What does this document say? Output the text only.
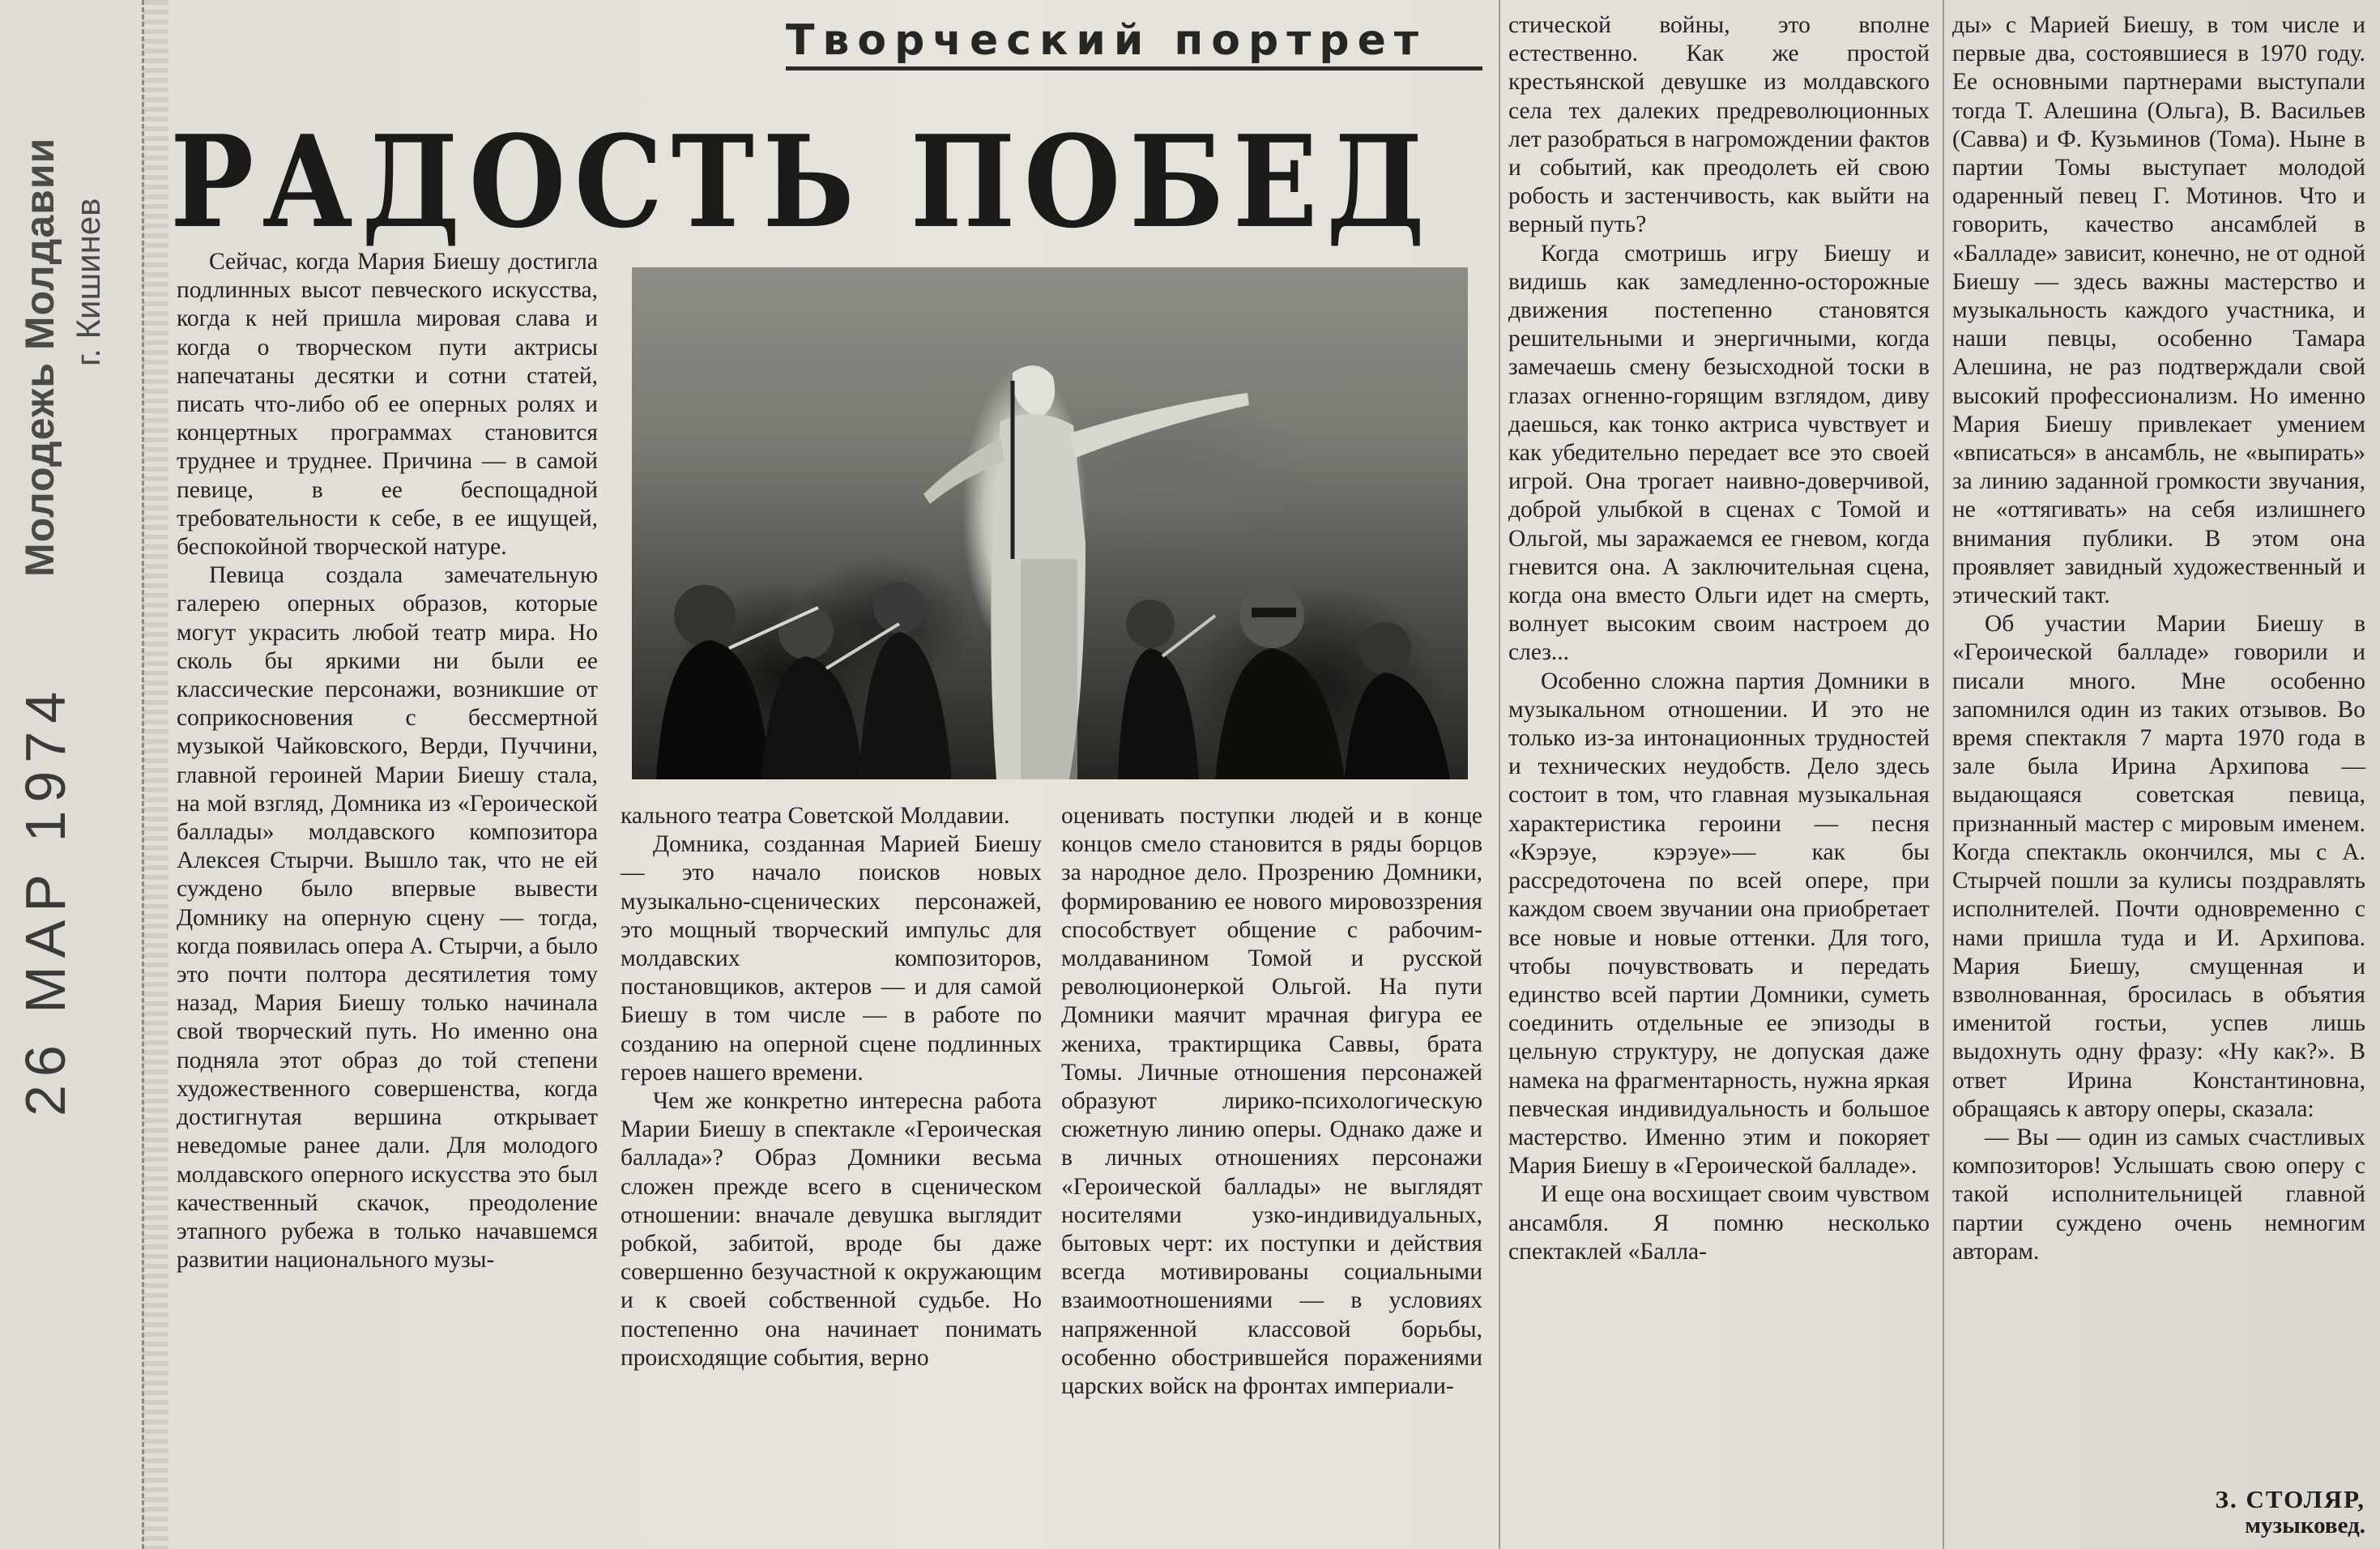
Молодежь Молдавии г. Кишинев
26 МАР 1974
Творческий портрет
РАДОСТЬ ПОБЕД

Сейчас, когда Мария Биешу достигла подлинных высот певческого искусства, когда к ней пришла мировая слава и когда о творческом пути актрисы напечатаны десятки и сотни статей, писать что-либо об ее оперных ролях и концертных программах становится труднее и труднее. Причина — в самой певице, в ее беспощадной требовательности к себе, в ее ищущей, беспокойной творческой натуре.

Певица создала замечательную галерею оперных образов, которые могут украсить любой театр мира. Но сколь бы яркими ни были ее классические персонажи, возникшие от соприкосновения с бессмертной музыкой Чайковского, Верди, Пуччини, главной героиней Марии Биешу стала, на мой взгляд, Домника из «Героической баллады» молдавского композитора Алексея Стырчи. Вышло так, что не ей суждено было впервые вывести Домнику на оперную сцену — тогда, когда появилась опера А. Стырчи, а было это почти полтора десятилетия тому назад, Мария Биешу только начинала свой творческий путь. Но именно она подняла этот образ до той степени художественного совершенства, когда достигнутая вершина открывает неведомые ранее дали. Для молодого молдавского оперного искусства это был качественный скачок, преодоление этапного рубежа в только начавшемся развитии национального музы-

кального театра Советской Молдавии.

Домника, созданная Марией Биешу — это начало поисков новых музыкально-сценических персонажей, это мощный творческий импульс для молдавских композиторов, постановщиков, актеров — и для самой Биешу в том числе — в работе по созданию на оперной сцене подлинных героев нашего времени.

Чем же конкретно интересна работа Марии Биешу в спектакле «Героическая баллада»? Образ Домники весьма сложен прежде всего в сценическом отношении: вначале девушка выглядит робкой, забитой, вроде бы даже совершенно безучастной к окружающим и к своей собственной судьбе. Но постепенно она начинает понимать происходящие события, верно

оценивать поступки людей и в конце концов смело становится в ряды борцов за народное дело. Прозрению Домники, формированию ее нового мировоззрения способствует общение с рабочим-молдаванином Томой и русской революционеркой Ольгой. На пути Домники маячит мрачная фигура ее жениха, трактирщика Саввы, брата Томы. Личные отношения персонажей образуют лирико-психологическую сюжетную линию оперы. Однако даже и в личных отношениях персонажи «Героической баллады» не выглядят носителями узко-индивидуальных, бытовых черт: их поступки и действия всегда мотивированы социальными взаимоотношениями — в условиях напряженной классовой борьбы, особенно обострившейся поражениями царских войск на фронтах империали-

стической войны, это вполне естественно. Как же простой крестьянской девушке из молдавского села тех далеких предреволюционных лет разобраться в нагромождении фактов и событий, как преодолеть ей свою робость и застенчивость, как выйти на верный путь?

Когда смотришь игру Биешу и видишь как замедленно-осторожные движения постепенно становятся решительными и энергичными, когда замечаешь смену безысходной тоски в глазах огненно-горящим взглядом, диву даешься, как тонко актриса чувствует и как убедительно передает все это своей игрой. Она трогает наивно-доверчивой, доброй улыбкой в сценах с Томой и Ольгой, мы заражаемся ее гневом, когда гневится она. А заключительная сцена, когда она вместо Ольги идет на смерть, волнует высоким своим настроем до слез...

Особенно сложна партия Домники в музыкальном отношении. И это не только из-за интонационных трудностей и технических неудобств. Дело здесь состоит в том, что главная музыкальная характеристика героини — песня «Кэрэуе, кэрэуе»— как бы рассредоточена по всей опере, при каждом своем звучании она приобретает все новые и новые оттенки. Для того, чтобы почувствовать и передать единство всей партии Домники, суметь соединить отдельные ее эпизоды в цельную структуру, не допуская даже намека на фрагментарность, нужна яркая певческая индивидуальность и большое мастерство. Именно этим и покоряет Мария Биешу в «Героической балладе».

И еще она восхищает своим чувством ансамбля. Я помню несколько спектаклей «Балла-

ды» с Марией Биешу, в том числе и первые два, состоявшиеся в 1970 году. Ее основными партнерами выступали тогда Т. Алешина (Ольга), В. Васильев (Савва) и Ф. Кузьминов (Тома). Ныне в партии Томы выступает молодой одаренный певец Г. Мотинов. Что и говорить, качество ансамблей в «Балладе» зависит, конечно, не от одной Биешу — здесь важны мастерство и музыкальность каждого участника, и наши певцы, особенно Тамара Алешина, не раз подтверждали свой высокий профессионализм. Но именно Мария Биешу привлекает умением «вписаться» в ансамбль, не «выпирать» за линию заданной громкости звучания, не «оттягивать» на себя излишнего внимания публики. В этом она проявляет завидный художественный и этический такт.

Об участии Марии Биешу в «Героической балладе» говорили и писали много. Мне особенно запомнился один из таких отзывов. Во время спектакля 7 марта 1970 года в зале была Ирина Архипова —выдающаяся советская певица, признанный мастер с мировым именем. Когда спектакль окончился, мы с А. Стырчей пошли за кулисы поздравлять исполнителей. Почти одновременно с нами пришла туда и И. Архипова. Мария Биешу, смущенная и взволнованная, бросилась в объятия именитой гостьи, успев лишь выдохнуть одну фразу: «Ну как?». В ответ Ирина Константиновна, обращаясь к автору оперы, сказала:

— Вы — один из самых счастливых композиторов! Услышать свою оперу с такой исполнительницей главной партии суждено очень немногим авторам.

З. СТОЛЯР,
музыковед.
